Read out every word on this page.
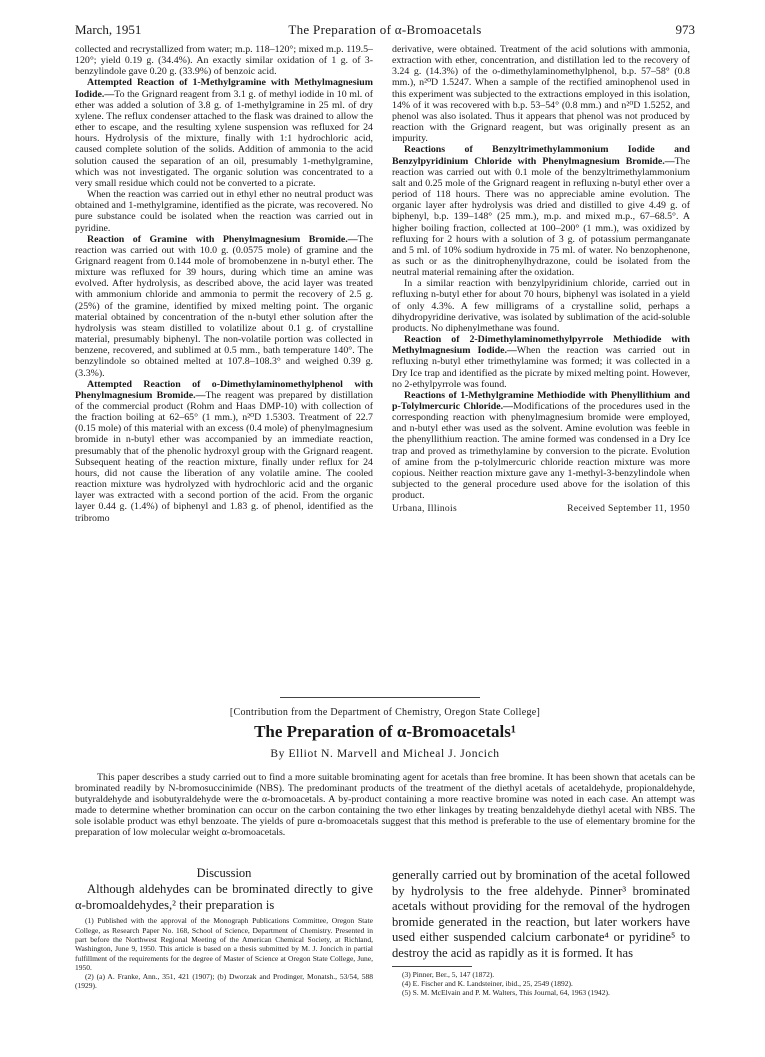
March, 1951	The Preparation of α-Bromoacetals	973

collected and recrystallized from water; m.p. 118–120°; mixed m.p. 119.5–120°; yield 0.19 g. (34.4%). An exactly similar oxidation of 1 g. of 3-benzylindole gave 0.20 g. (33.9%) of benzoic acid.

Attempted Reaction of 1-Methylgramine with Methylmagnesium Iodide.—To the Grignard reagent from 3.1 g. of methyl iodide in 10 ml. of ether was added a solution of 3.8 g. of 1-methylgramine in 25 ml. of dry xylene. The reflux condenser attached to the flask was drained to allow the ether to escape, and the resulting xylene suspension was refluxed for 24 hours. Hydrolysis of the mixture, finally with 1:1 hydrochloric acid, caused complete solution of the solids. Addition of ammonia to the acid solution caused the separation of an oil, presumably 1-methylgramine, which was not investigated. The organic solution was concentrated to a very small residue which could not be converted to a picrate.

When the reaction was carried out in ethyl ether no neutral product was obtained and 1-methylgramine, identified as the picrate, was recovered. No pure substance could be isolated when the reaction was carried out in pyridine.

Reaction of Gramine with Phenylmagnesium Bromide.—The reaction was carried out with 10.0 g. (0.0575 mole) of gramine and the Grignard reagent from 0.144 mole of bromobenzene in n-butyl ether. The mixture was refluxed for 39 hours, during which time an amine was evolved. After hydrolysis, as described above, the acid layer was treated with ammonium chloride and ammonia to permit the recovery of 2.5 g. (25%) of the gramine, identified by mixed melting point. The organic material obtained by concentration of the n-butyl ether solution after the hydrolysis was steam distilled to volatilize about 0.1 g. of crystalline material, presumably biphenyl. The non-volatile portion was collected in benzene, recovered, and sublimed at 0.5 mm., bath temperature 140°. The benzylindole so obtained melted at 107.8–108.3° and weighed 0.39 g. (3.3%).

Attempted Reaction of o-Dimethylaminomethylphenol with Phenylmagnesium Bromide.—The reagent was prepared by distillation of the commercial product (Rohm and Haas DMP-10) with collection of the fraction boiling at 62–65° (1 mm.), n²⁰D 1.5303. Treatment of 22.7 (0.15 mole) of this material with an excess (0.4 mole) of phenylmagnesium bromide in n-butyl ether was accompanied by an immediate reaction, presumably that of the phenolic hydroxyl group with the Grignard reagent. Subsequent heating of the reaction mixture, finally under reflux for 24 hours, did not cause the liberation of any volatile amine. The cooled reaction mixture was hydrolyzed with hydrochloric acid and the organic layer was extracted with a second portion of the acid. From the organic layer 0.44 g. (1.4%) of biphenyl and 1.83 g. of phenol, identified as the tribromo

derivative, were obtained. Treatment of the acid solutions with ammonia, extraction with ether, concentration, and distillation led to the recovery of 3.24 g. (14.3%) of the o-dimethylaminomethylphenol, b.p. 57–58° (0.8 mm.), n²⁰D 1.5247. When a sample of the rectified aminophenol used in this experiment was subjected to the extractions employed in this isolation, 14% of it was recovered with b.p. 53–54° (0.8 mm.) and n²⁰D 1.5252, and phenol was also isolated. Thus it appears that phenol was not produced by reaction with the Grignard reagent, but was originally present as an impurity.

Reactions of Benzyltrimethylammonium Iodide and Benzylpyridinium Chloride with Phenylmagnesium Bromide.—The reaction was carried out with 0.1 mole of the benzyltrimethylammonium salt and 0.25 mole of the Grignard reagent in refluxing n-butyl ether over a period of 118 hours. There was no appreciable amine evolution. The organic layer after hydrolysis was dried and distilled to give 4.49 g. of biphenyl, b.p. 139–148° (25 mm.), m.p. and mixed m.p., 67–68.5°. A higher boiling fraction, collected at 100–200° (1 mm.), was oxidized by refluxing for 2 hours with a solution of 3 g. of potassium permanganate and 5 ml. of 10% sodium hydroxide in 75 ml. of water. No benzophenone, as such or as the dinitrophenylhydrazone, could be isolated from the neutral material remaining after the oxidation.

In a similar reaction with benzylpyridinium chloride, carried out in refluxing n-butyl ether for about 70 hours, biphenyl was isolated in a yield of only 4.3%. A few milligrams of a crystalline solid, perhaps a dihydropyridine derivative, was isolated by sublimation of the acid-soluble products. No diphenylmethane was found.

Reaction of 2-Dimethylaminomethylpyrrole Methiodide with Methylmagnesium Iodide.—When the reaction was carried out in refluxing n-butyl ether trimethylamine was formed; it was collected in a Dry Ice trap and identified as the picrate by mixed melting point. However, no 2-ethylpyrrole was found.

Reactions of 1-Methylgramine Methiodide with Phenyllithium and p-Tolylmercuric Chloride.—Modifications of the procedures used in the corresponding reaction with phenylmagnesium bromide were employed, and n-butyl ether was used as the solvent. Amine evolution was feeble in the phenyllithium reaction. The amine formed was condensed in a Dry Ice trap and proved as trimethylamine by conversion to the picrate. Evolution of amine from the p-tolylmercuric chloride reaction mixture was more copious. Neither reaction mixture gave any 1-methyl-3-benzylindole when subjected to the general procedure used above for the isolation of this product.

Urbana, Illinois	Received September 11, 1950
[Contribution from the Department of Chemistry, Oregon State College]
The Preparation of α-Bromoacetals¹
By Elliot N. Marvell and Micheal J. Joncich

This paper describes a study carried out to find a more suitable brominating agent for acetals than free bromine. It has been shown that acetals can be brominated readily by N-bromosuccinimide (NBS). The predominant products of the treatment of the diethyl acetals of acetaldehyde, propionaldehyde, butyraldehyde and isobutyraldehyde were the α-bromoacetals. A by-product containing a more reactive bromine was noted in each case. An attempt was made to determine whether bromination can occur on the carbon containing the two ether linkages by treating benzaldehyde diethyl acetal with NBS. The sole isolable product was ethyl benzoate. The yields of pure α-bromoacetals suggest that this method is preferable to the use of elementary bromine for the preparation of low molecular weight α-bromoacetals.

Discussion

Although aldehydes can be brominated directly to give α-bromoaldehydes,² their preparation is

(1) Published with the approval of the Monograph Publications Committee, Oregon State College, as Research Paper No. 168, School of Science, Department of Chemistry. Presented in part before the Northwest Regional Meeting of the American Chemical Society, at Richland, Washington, June 9, 1950. This article is based on a thesis submitted by M. J. Joncich in partial fulfillment of the requirements for the degree of Master of Science at Oregon State College, June, 1950.

(2) (a) A. Franke, Ann., 351, 421 (1907); (b) Dworzak and Prodinger, Monatsh., 53/54, 588 (1929).

generally carried out by bromination of the acetal followed by hydrolysis to the free aldehyde. Pinner³ brominated acetals without providing for the removal of the hydrogen bromide generated in the reaction, but later workers have used either suspended calcium carbonate⁴ or pyridine⁵ to destroy the acid as rapidly as it is formed. It has

(3) Pinner, Ber., 5, 147 (1872).

(4) E. Fischer and K. Landsteiner, ibid., 25, 2549 (1892).

(5) S. M. McElvain and P. M. Walters, This Journal, 64, 1963 (1942).
